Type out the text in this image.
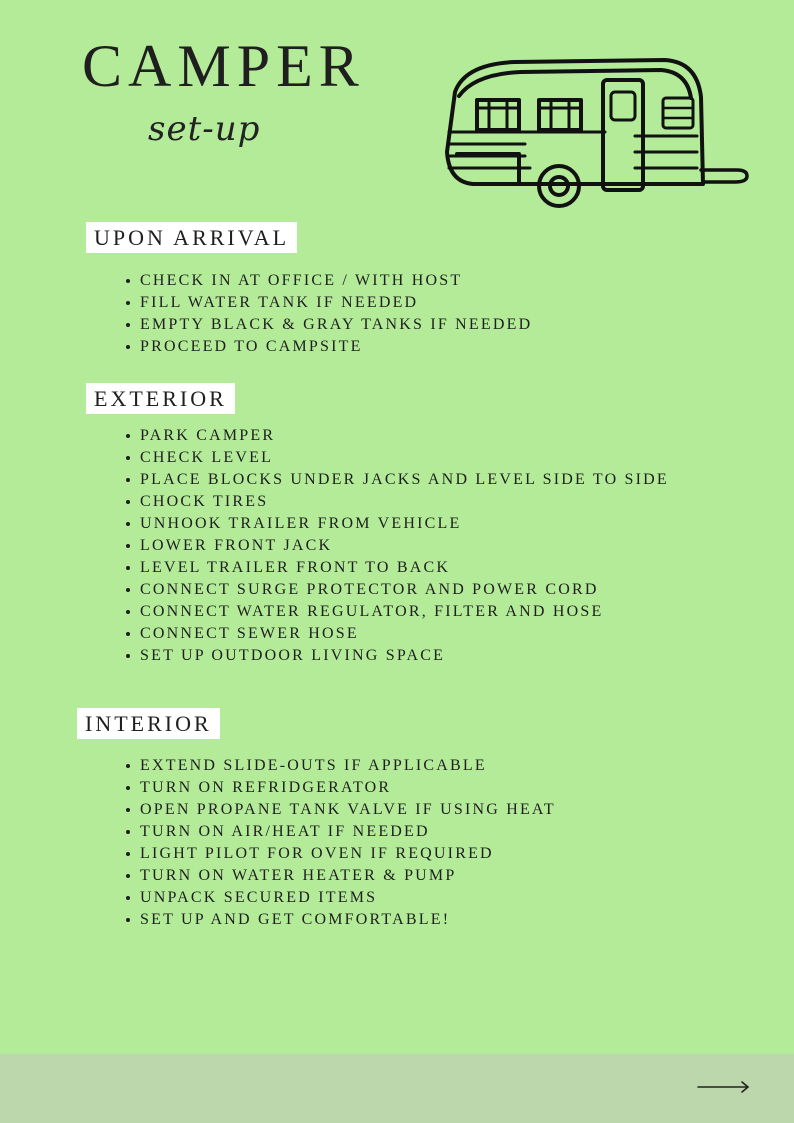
CAMPER
set-up
UPON ARRIVAL
CHECK IN AT OFFICE / WITH HOST
FILL WATER TANK IF NEEDED
EMPTY BLACK & GRAY TANKS IF NEEDED
PROCEED TO CAMPSITE
EXTERIOR
PARK CAMPER
CHECK LEVEL
PLACE BLOCKS UNDER JACKS AND LEVEL SIDE TO SIDE
CHOCK TIRES
UNHOOK TRAILER FROM VEHICLE
LOWER FRONT JACK
LEVEL TRAILER FRONT TO BACK
CONNECT SURGE PROTECTOR AND POWER CORD
CONNECT WATER REGULATOR, FILTER AND HOSE
CONNECT SEWER HOSE
SET UP OUTDOOR LIVING SPACE
INTERIOR
EXTEND SLIDE-OUTS IF APPLICABLE
TURN ON REFRIDGERATOR
OPEN PROPANE TANK VALVE IF USING HEAT
TURN ON AIR/HEAT IF NEEDED
LIGHT PILOT FOR OVEN IF REQUIRED
TURN ON WATER HEATER & PUMP
UNPACK SECURED ITEMS
SET UP AND GET COMFORTABLE!
